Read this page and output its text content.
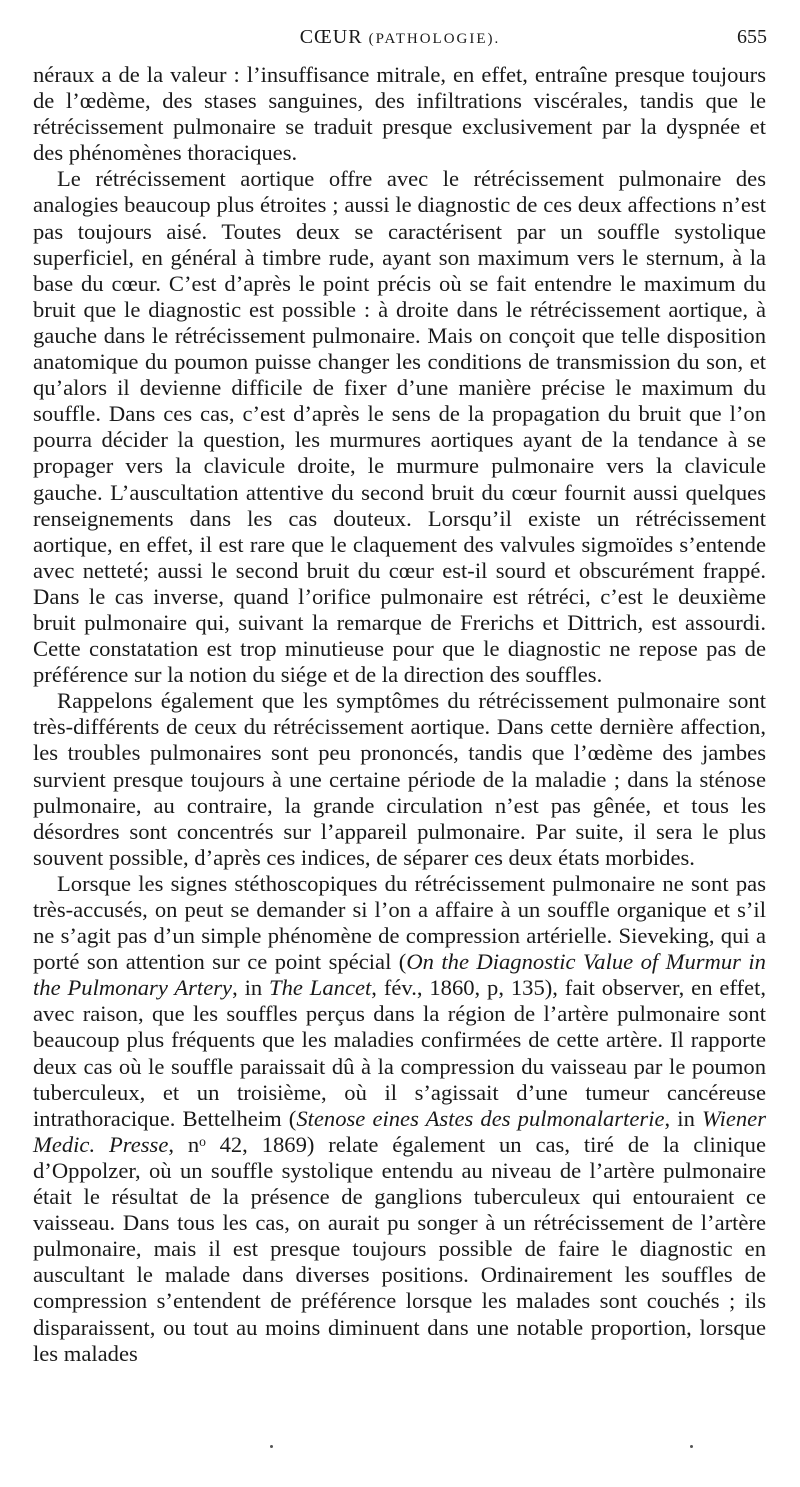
CŒUR (PATHOLOGIE).	655

néraux a de la valeur : l’insuffisance mitrale, en effet, entraîne presque toujours de l’œdème, des stases sanguines, des infiltrations viscérales, tandis que le rétrécissement pulmonaire se traduit presque exclusivement par la dyspnée et des phénomènes thoraciques.

Le rétrécissement aortique offre avec le rétrécissement pulmonaire des analogies beaucoup plus étroites ; aussi le diagnostic de ces deux affections n’est pas toujours aisé. Toutes deux se caractérisent par un souffle systolique superficiel, en général à timbre rude, ayant son maximum vers le sternum, à la base du cœur. C’est d’après le point précis où se fait entendre le maximum du bruit que le diagnostic est possible : à droite dans le rétrécissement aortique, à gauche dans le rétrécissement pulmonaire. Mais on conçoit que telle disposition anatomique du poumon puisse changer les conditions de transmission du son, et qu’alors il devienne difficile de fixer d’une manière précise le maximum du souffle. Dans ces cas, c’est d’après le sens de la propagation du bruit que l’on pourra décider la question, les murmures aortiques ayant de la tendance à se propager vers la clavicule droite, le murmure pulmonaire vers la clavicule gauche. L’auscultation attentive du second bruit du cœur fournit aussi quelques renseignements dans les cas douteux. Lorsqu’il existe un rétrécissement aortique, en effet, il est rare que le claquement des valvules sigmoïdes s’entende avec netteté; aussi le second bruit du cœur est-il sourd et obscurément frappé. Dans le cas inverse, quand l’orifice pulmonaire est rétréci, c’est le deuxième bruit pulmonaire qui, suivant la remarque de Frerichs et Dittrich, est assourdi. Cette constatation est trop minutieuse pour que le diagnostic ne repose pas de préférence sur la notion du siége et de la direction des souffles.

Rappelons également que les symptômes du rétrécissement pulmonaire sont très-différents de ceux du rétrécissement aortique. Dans cette dernière affection, les troubles pulmonaires sont peu prononcés, tandis que l’œdème des jambes survient presque toujours à une certaine période de la maladie ; dans la sténose pulmonaire, au contraire, la grande circulation n’est pas gênée, et tous les désordres sont concentrés sur l’appareil pulmonaire. Par suite, il sera le plus souvent possible, d’après ces indices, de séparer ces deux états morbides.

Lorsque les signes stéthoscopiques du rétrécissement pulmonaire ne sont pas très-accusés, on peut se demander si l’on a affaire à un souffle organique et s’il ne s’agit pas d’un simple phénomène de compression artérielle. Sieveking, qui a porté son attention sur ce point spécial (On the Diagnostic Value of Murmur in the Pulmonary Artery, in The Lancet, fév., 1860, p, 135), fait observer, en effet, avec raison, que les souffles perçus dans la région de l’artère pulmonaire sont beaucoup plus fréquents que les maladies confirmées de cette artère. Il rapporte deux cas où le souffle paraissait dû à la compression du vaisseau par le poumon tuberculeux, et un troisième, où il s’agissait d’une tumeur cancéreuse intrathoracique. Bettelheim (Stenose eines Astes des pulmonalarterie, in Wiener Medic. Presse, nᵒ 42, 1869) relate également un cas, tiré de la clinique d’Oppolzer, où un souffle systolique entendu au niveau de l’artère pulmonaire était le résultat de la présence de ganglions tuberculeux qui entouraient ce vaisseau. Dans tous les cas, on aurait pu songer à un rétrécissement de l’artère pulmonaire, mais il est presque toujours possible de faire le diagnostic en auscultant le malade dans diverses positions. Ordinairement les souffles de compression s’entendent de préférence lorsque les malades sont couchés ; ils disparaissent, ou tout au moins diminuent dans une notable proportion, lorsque les malades
